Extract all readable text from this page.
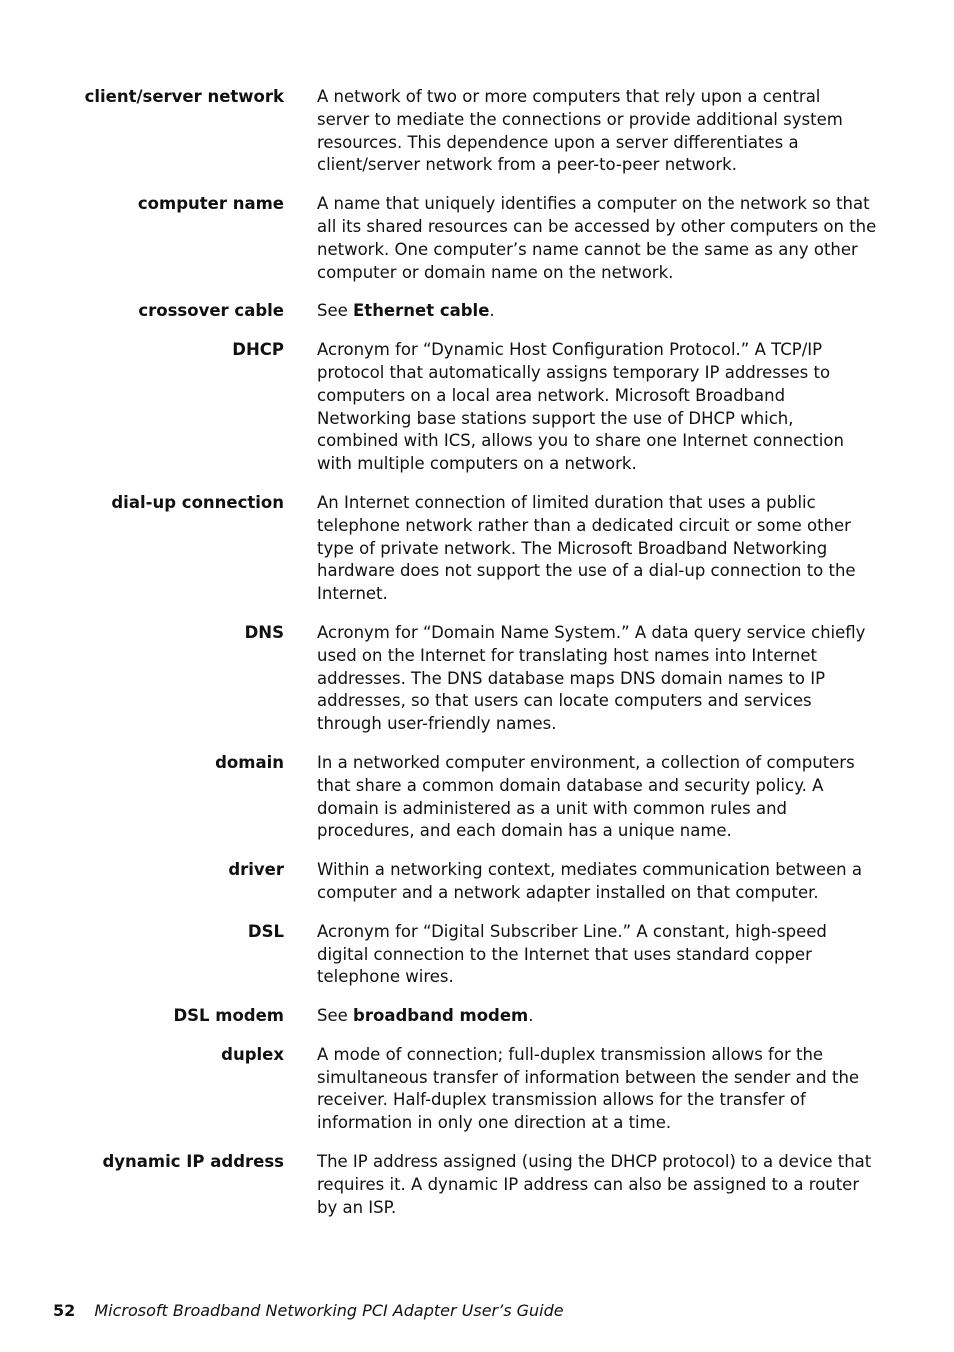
client/server network A network of two or more computers that rely upon a central server to mediate the connections or provide additional system resources. This dependence upon a server differentiates a client/server network from a peer-to-peer network.
computer name A name that uniquely identifies a computer on the network so that all its shared resources can be accessed by other computers on the network. One computer’s name cannot be the same as any other computer or domain name on the network.
crossover cable See Ethernet cable.
DHCP Acronym for “Dynamic Host Configuration Protocol.” A TCP/IP protocol that automatically assigns temporary IP addresses to computers on a local area network. Microsoft Broadband Networking base stations support the use of DHCP which, combined with ICS, allows you to share one Internet connection with multiple computers on a network.
dial-up connection An Internet connection of limited duration that uses a public telephone network rather than a dedicated circuit or some other type of private network. The Microsoft Broadband Networking hardware does not support the use of a dial-up connection to the Internet.
DNS Acronym for “Domain Name System.” A data query service chiefly used on the Internet for translating host names into Internet addresses. The DNS database maps DNS domain names to IP addresses, so that users can locate computers and services through user-friendly names.
domain In a networked computer environment, a collection of computers that share a common domain database and security policy. A domain is administered as a unit with common rules and procedures, and each domain has a unique name.
driver Within a networking context, mediates communication between a computer and a network adapter installed on that computer.
DSL Acronym for “Digital Subscriber Line.” A constant, high-speed digital connection to the Internet that uses standard copper telephone wires.
DSL modem See broadband modem.
duplex A mode of connection; full-duplex transmission allows for the simultaneous transfer of information between the sender and the receiver. Half-duplex transmission allows for the transfer of information in only one direction at a time.
dynamic IP address The IP address assigned (using the DHCP protocol) to a device that requires it. A dynamic IP address can also be assigned to a router by an ISP.
52 Microsoft Broadband Networking PCI Adapter User’s Guide
